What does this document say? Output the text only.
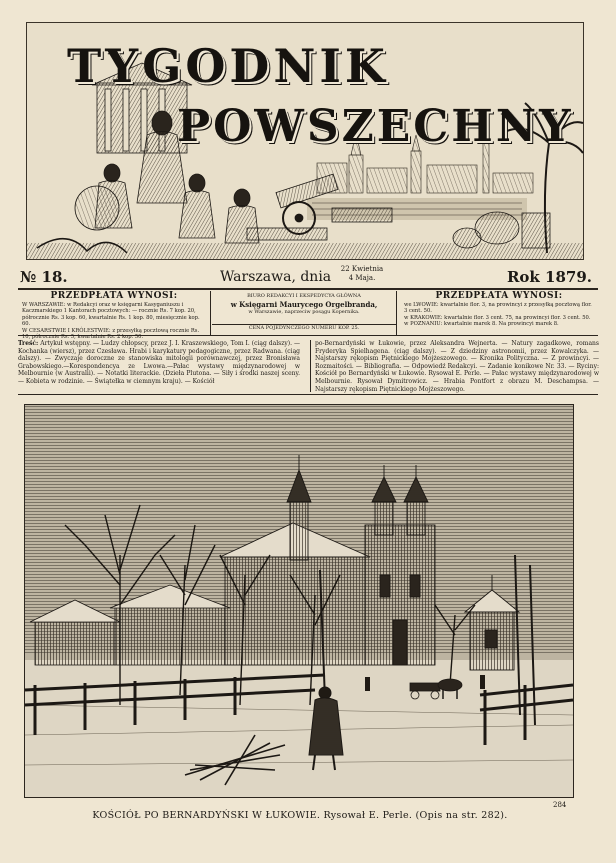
TYGODNIK
POWSZECHNY
№ 18.	Warszawa, dnia	22 Kwietnia
4 Maja.	Rok 1879.
PRZEDPŁATA WYNOSI:

W WARSZAWIE: w Redakcyi oraz w księgarni Kasyganiuszu i Kaczmarskiego 1 Kantorach pocztowych: — rocznie Rs. 7 kop. 20, półrocznie Rs. 3 kop. 60, kwartalnie Rs. 1 kop. 80, miesięcznie kop. 60.

W CESARSTWIE I KRÓLESTWIE: z przesyłką pocztową rocznie Rs. 10, półrocznie Rs. 5, kwartalnie Rs. 2 kop. 50.

BIURO REDAKCYI I EKSPEDYCYA GŁÓWNA
w Księgarni Maurycego Orgelbranda,
w Warszawie, naprzeciw posągu Kopernika.
CENA POJEDYNCZEGO NUMERU KOP. 25.
PRZEDPŁATA WYNOSI:

we LWOWIE: kwartalnie flor. 3, na prowincyi z przesyłką pocztową flor. 3 cent. 50.

w KRAKOWIE: kwartalnie flor. 3 cent. 75, na prowincyi flor. 3 cent. 50.

w POZNANIU: kwartalnie marek 8. Na prowincyi marek 8.

Treść: Artykuł wstępny. — Ludzy chłopscy, przez J. I. Kraszewskiego, Tom I. (ciąg dalszy). — Kochanka (wiersz), przez Czesława. Hrabi i karykatury pedagogiczne, przez Radwana. (ciąg dalszy). — Zwyczaje doroczne ze stanowiska mitologii porównawczej, przez Bronisława Grabowskiego.—Korespondencya ze Lwowa.—Pałac wystawy międzynarodowej w Melbournie (w Australii). — Notatki literackie. (Dzieła Plutona. — Siły i środki naszej sceny. — Kobieta w rodzinie. — Świątełka w ciemnym kraju). — Kościół
po-Bernardyński w Łukowie, przez Aleksandra Wejnerta. — Natury zagadkowe, romans Fryderyka Spielhagena. (ciąg dalszy). — Z dziedziny astronomii, przez Kowalczyka. — Najstarszy rękopism Piętnickiego Mojżeszowego. — Kronika Polityczna. — Z prowincyi. — Rozmaitości. — Bibliografia. — Odpowiedź Redakcyi. — Zadanie konikowe Nr. 33. — Ryciny: Kościół po Bernardyński w Łukowie. Rysował E. Perle. — Pałac wystawy międzynarodowej w Melbournie. Rysował Dymitrowicz. — Hrabia Pontfort z obrazu M. Deschampsa. — Najstarszy rękopism Piętnickiego Mojżeszowego.
284
KOŚCIÓŁ PO BERNARDYŃSKI W ŁUKOWIE. Rysował E. Perle. (Opis na str. 282).
